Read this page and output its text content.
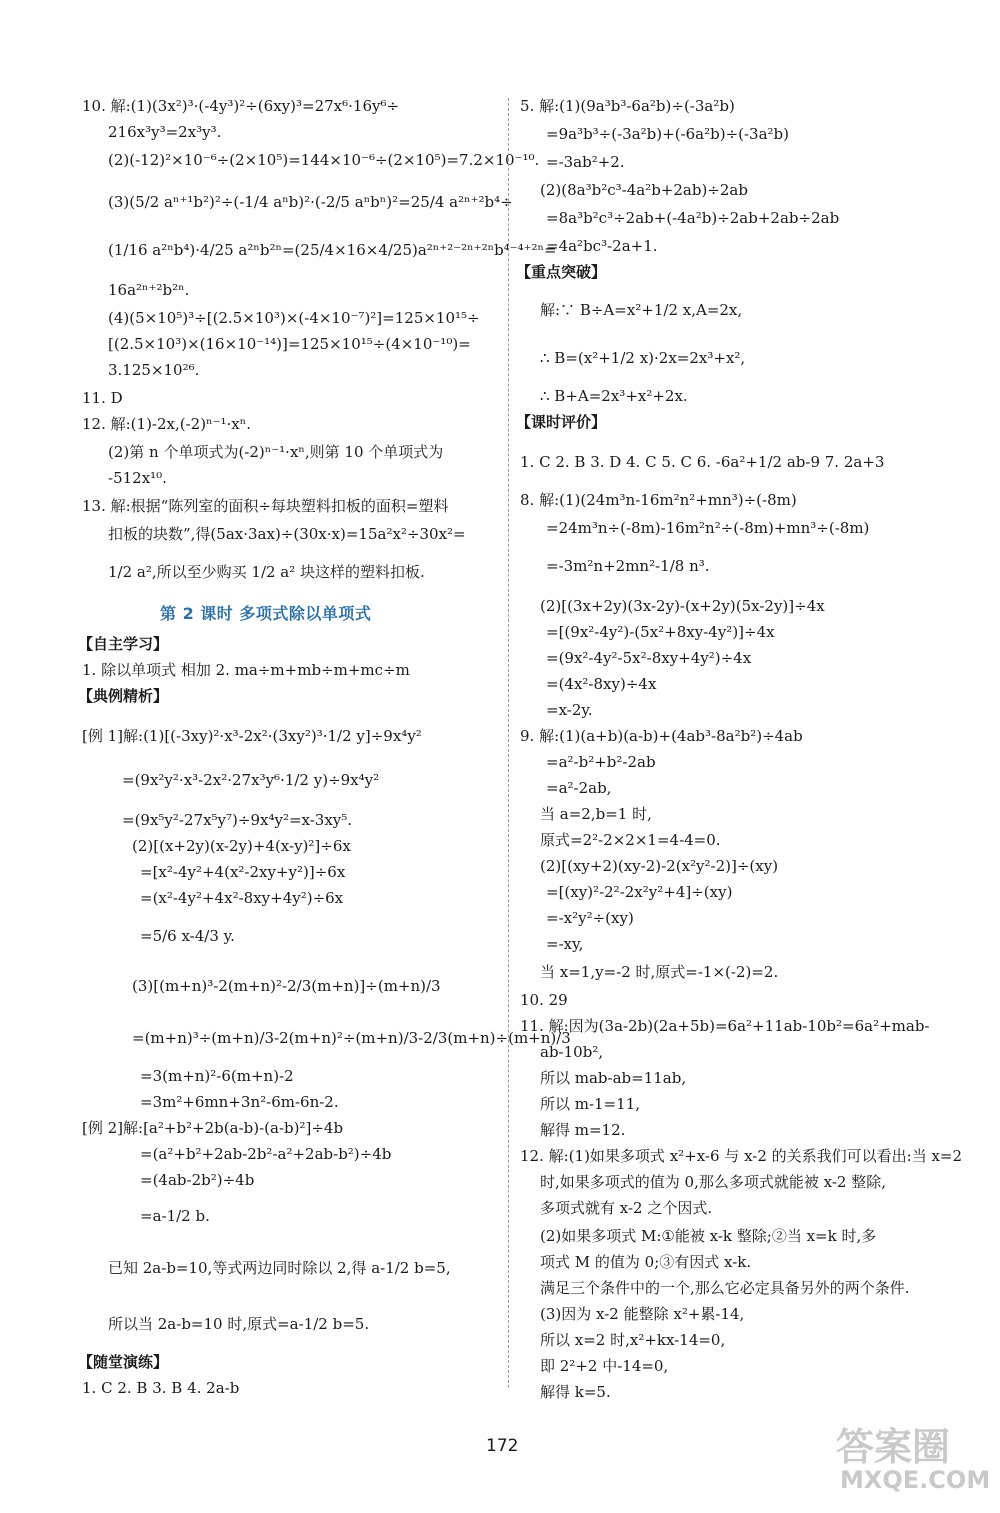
10. 解:(1)(3x²)³·(-4y³)²÷(6xy)³=27x⁶·16y⁶÷
216x³y³=2x³y³.
(2)(-12)²×10⁻⁶÷(2×10⁵)=144×10⁻⁶÷(2×10⁵)=7.2×10⁻¹⁰.
(3)(5/2 aⁿ⁺¹b²)²÷(-1/4 aⁿb)²·(-2/5 aⁿbⁿ)²=25/4 a²ⁿ⁺²b⁴÷
(1/16 a²ⁿb⁴)·4/25 a²ⁿb²ⁿ=(25/4×16×4/25)a²ⁿ⁺²⁻²ⁿ⁺²ⁿb⁴⁻⁴⁺²ⁿ=
16a²ⁿ⁺²b²ⁿ.
(4)(5×10⁵)³÷[(2.5×10³)×(-4×10⁻⁷)²]=125×10¹⁵÷
[(2.5×10³)×(16×10⁻¹⁴)]=125×10¹⁵÷(4×10⁻¹⁰)=
3.125×10²⁶.
11. D
12. 解:(1)-2x,(-2)ⁿ⁻¹·xⁿ.
(2)第 n 个单项式为(-2)ⁿ⁻¹·xⁿ,则第 10 个单项式为
-512x¹⁰.
13. 解:根据“陈列室的面积÷每块塑料扣板的面积=塑料
扣板的块数”,得(5ax·3ax)÷(30x·x)=15a²x²÷30x²=
1/2 a²,所以至少购买 1/2 a² 块这样的塑料扣板.
【自主学习】
1. 除以单项式 相加 2. ma÷m+mb÷m+mc÷m
【典例精析】
[例 1]解:(1)[(-3xy)²·x³-2x²·(3xy²)³·1/2 y]÷9x⁴y²
=(9x²y²·x³-2x²·27x³y⁶·1/2 y)÷9x⁴y²
=(9x⁵y²-27x⁵y⁷)÷9x⁴y²=x-3xy⁵.
(2)[(x+2y)(x-2y)+4(x-y)²]÷6x
=[x²-4y²+4(x²-2xy+y²)]÷6x
=(x²-4y²+4x²-8xy+4y²)÷6x
=5/6 x-4/3 y.
(3)[(m+n)³-2(m+n)²-2/3(m+n)]÷(m+n)/3
=(m+n)³÷(m+n)/3-2(m+n)²÷(m+n)/3-2/3(m+n)÷(m+n)/3
=3(m+n)²-6(m+n)-2
=3m²+6mn+3n²-6m-6n-2.
[例 2]解:[a²+b²+2b(a-b)-(a-b)²]÷4b
=(a²+b²+2ab-2b²-a²+2ab-b²)÷4b
=(4ab-2b²)÷4b
=a-1/2 b.
已知 2a-b=10,等式两边同时除以 2,得 a-1/2 b=5,
所以当 2a-b=10 时,原式=a-1/2 b=5.
【随堂演练】
1. C 2. B 3. B 4. 2a-b
5. 解:(1)(9a³b³-6a²b)÷(-3a²b)
=9a³b³÷(-3a²b)+(-6a²b)÷(-3a²b)
=-3ab²+2.
(2)(8a³b²c³-4a²b+2ab)÷2ab
=8a³b²c³÷2ab+(-4a²b)÷2ab+2ab÷2ab
=4a²bc³-2a+1.
【重点突破】
解:∵ B÷A=x²+1/2 x,A=2x,
∴ B=(x²+1/2 x)·2x=2x³+x²,
∴ B+A=2x³+x²+2x.
【课时评价】
1. C 2. B 3. D 4. C 5. C 6. -6a²+1/2 ab-9 7. 2a+3
8. 解:(1)(24m³n-16m²n²+mn³)÷(-8m)
=24m³n÷(-8m)-16m²n²÷(-8m)+mn³÷(-8m)
=-3m²n+2mn²-1/8 n³.
(2)[(3x+2y)(3x-2y)-(x+2y)(5x-2y)]÷4x
=[(9x²-4y²)-(5x²+8xy-4y²)]÷4x
=(9x²-4y²-5x²-8xy+4y²)÷4x
=(4x²-8xy)÷4x
=x-2y.
9. 解:(1)(a+b)(a-b)+(4ab³-8a²b²)÷4ab
=a²-b²+b²-2ab
=a²-2ab,
当 a=2,b=1 时,
原式=2²-2×2×1=4-4=0.
(2)[(xy+2)(xy-2)-2(x²y²-2)]÷(xy)
=[(xy)²-2²-2x²y²+4]÷(xy)
=-x²y²÷(xy)
=-xy,
当 x=1,y=-2 时,原式=-1×(-2)=2.
10. 29
11. 解:因为(3a-2b)(2a+5b)=6a²+11ab-10b²=6a²+mab-
ab-10b²,
所以 mab-ab=11ab,
所以 m-1=11,
解得 m=12.
12. 解:(1)如果多项式 x²+x-6 与 x-2 的关系我们可以看出:当 x=2
时,如果多项式的值为 0,那么多项式就能被 x-2 整除,
多项式就有 x-2 之个因式.
(2)如果多项式 M:①能被 x-k 整除;②当 x=k 时,多
项式 M 的值为 0;③有因式 x-k.
满足三个条件中的一个,那么它必定具备另外的两个条件.
(3)因为 x-2 能整除 x²+累-14,
所以 x=2 时,x²+kx-14=0,
即 2²+2 中-14=0,
解得 k=5.
第 2 课时 多项式除以单项式
172	答案圈
MXQE.COM
